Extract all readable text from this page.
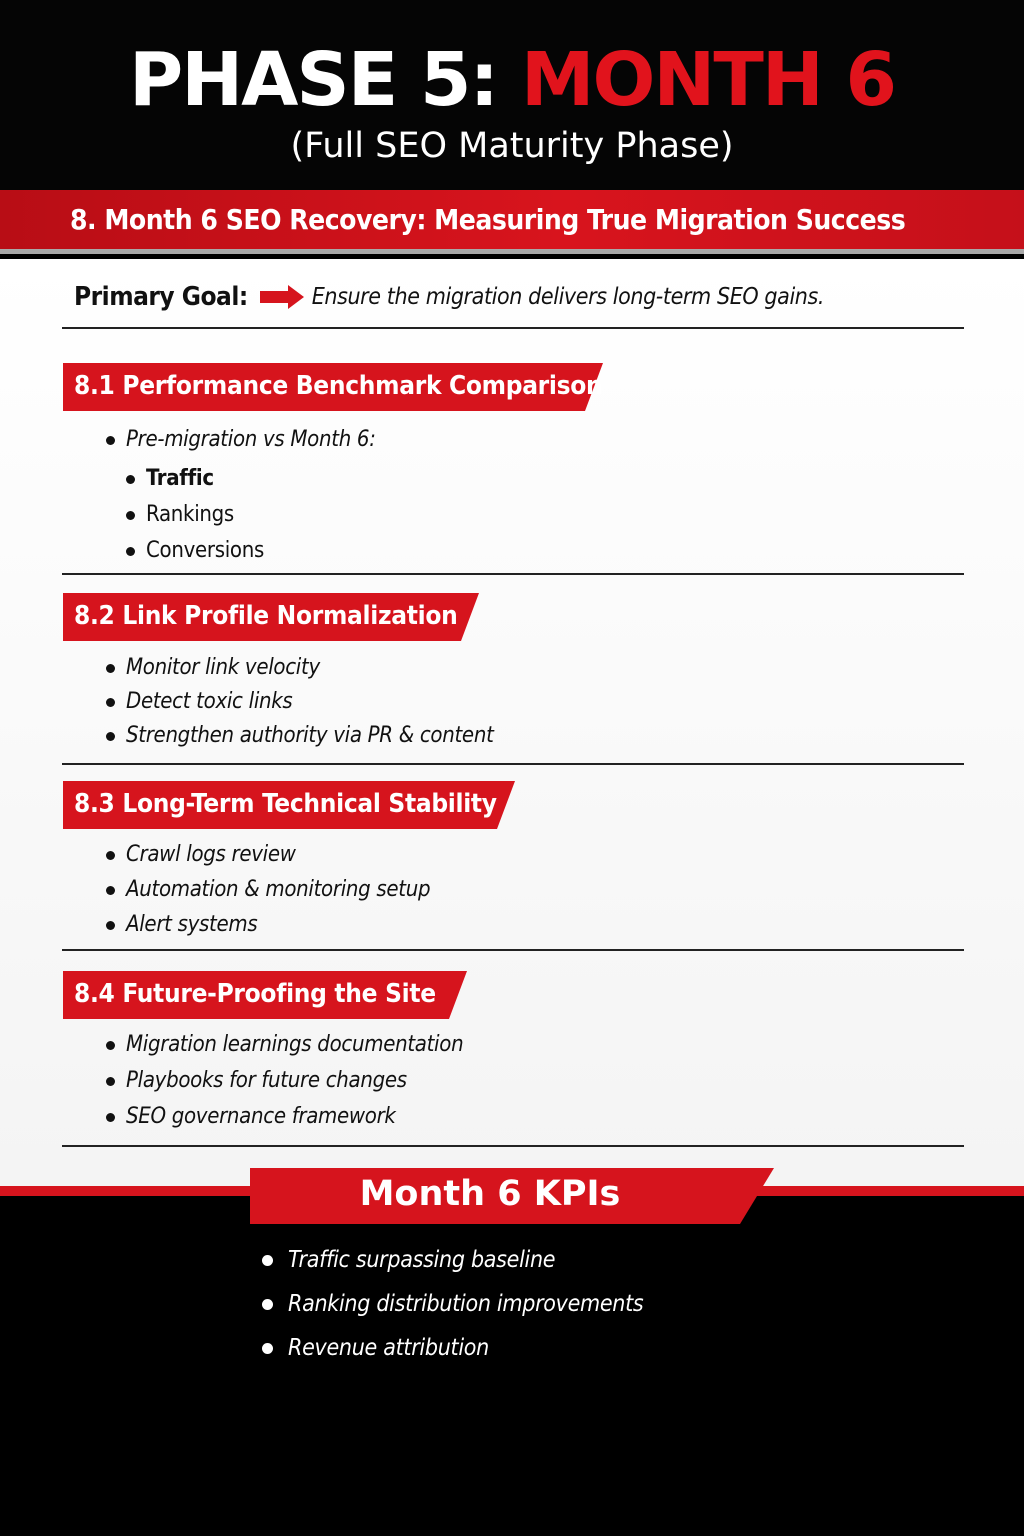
PHASE 5: MONTH 6
(Full SEO Maturity Phase)
8. Month 6 SEO Recovery: Measuring True Migration Success
Primary Goal:	Ensure the migration delivers long-term SEO gains.
8.1 Performance Benchmark Comparison
Pre-migration vs Month 6:
Traffic
Rankings
Conversions
8.2 Link Profile Normalization
Monitor link velocity
Detect toxic links
Strengthen authority via PR & content
8.3 Long-Term Technical Stability
Crawl logs review
Automation & monitoring setup
Alert systems
8.4 Future-Proofing the Site
Migration learnings documentation
Playbooks for future changes
SEO governance framework
Month 6 KPIs
Traffic surpassing baseline
Ranking distribution improvements
Revenue attribution
